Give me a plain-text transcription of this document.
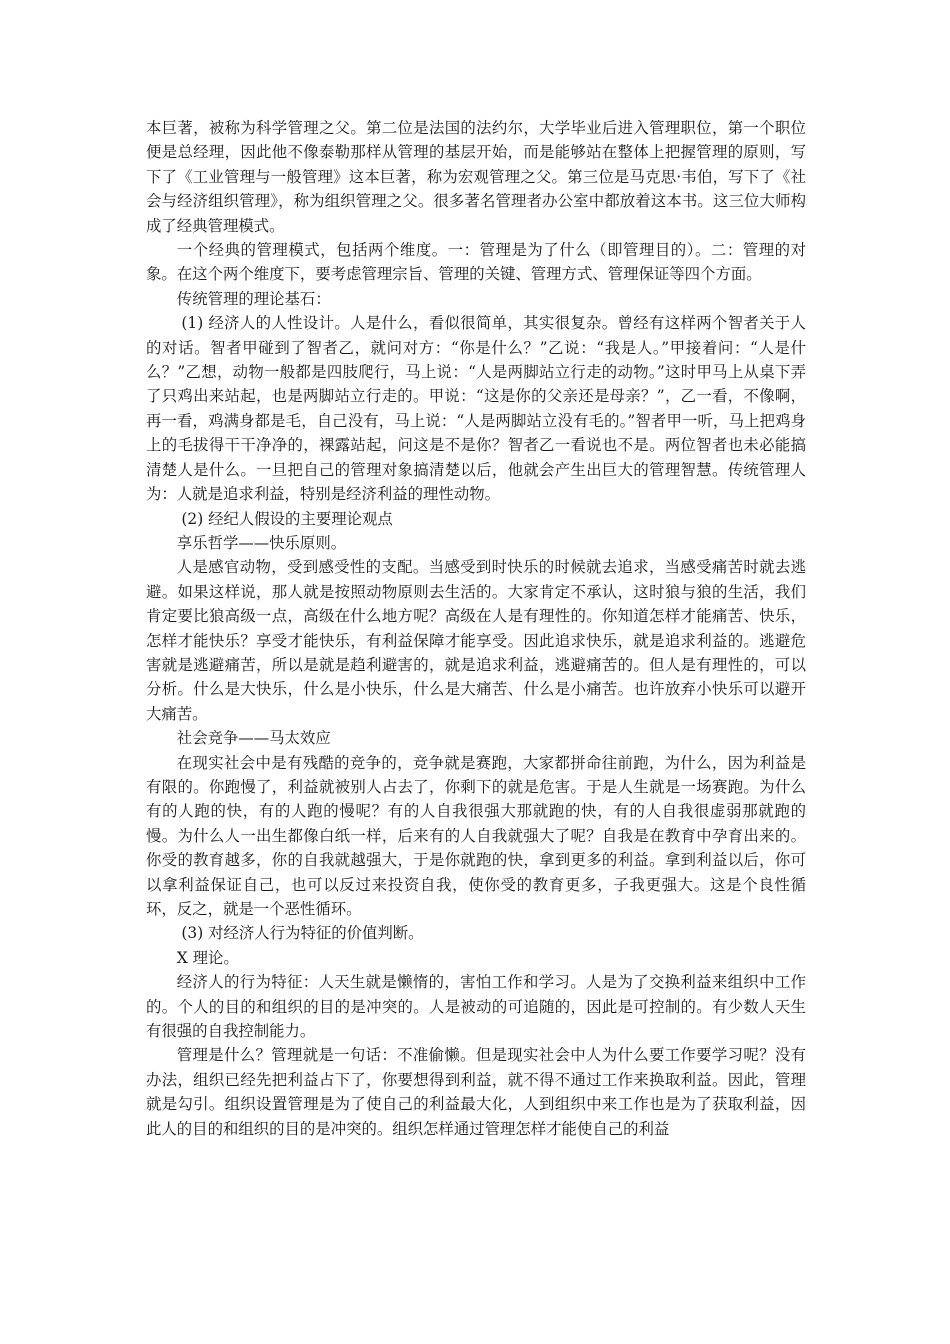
本巨著，被称为科学管理之父。第二位是法国的法约尔，大学毕业后进入管理职位，第一个职位便是总经理，因此他不像泰勒那样从管理的基层开始，而是能够站在整体上把握管理的原则，写下了《工业管理与一般管理》这本巨著，称为宏观管理之父。第三位是马克思·韦伯，写下了《社会与经济组织管理》，称为组织管理之父。很多著名管理者办公室中都放着这本书。这三位大师构成了经典管理模式。

一个经典的管理模式，包括两个维度。一：管理是为了什么（即管理目的）。二：管理的对象。在这个两个维度下，要考虑管理宗旨、管理的关键、管理方式、管理保证等四个方面。

传统管理的理论基石：

(1) 经济人的人性设计。人是什么，看似很简单，其实很复杂。曾经有这样两个智者关于人的对话。智者甲碰到了智者乙，就问对方：“你是什么？”乙说：“我是人。”甲接着问：“人是什么？”乙想，动物一般都是四肢爬行，马上说：“人是两脚站立行走的动物。”这时甲马上从桌下弄了只鸡出来站起，也是两脚站立行走的。甲说：“这是你的父亲还是母亲？”，乙一看，不像啊，再一看，鸡满身都是毛，自己没有，马上说：“人是两脚站立没有毛的。”智者甲一听，马上把鸡身上的毛拔得干干净净的，裸露站起，问这是不是你？智者乙一看说也不是。两位智者也未必能搞清楚人是什么。一旦把自己的管理对象搞清楚以后，他就会产生出巨大的管理智慧。传统管理人为：人就是追求利益，特别是经济利益的理性动物。

(2) 经纪人假设的主要理论观点

享乐哲学——快乐原则。

人是感官动物，受到感受性的支配。当感受到时快乐的时候就去追求，当感受痛苦时就去逃避。如果这样说，那人就是按照动物原则去生活的。大家肯定不承认，这时狼与狼的生活，我们肯定要比狼高级一点，高级在什么地方呢？高级在人是有理性的。你知道怎样才能痛苦、快乐，怎样才能快乐？享受才能快乐，有利益保障才能享受。因此追求快乐，就是追求利益的。逃避危害就是逃避痛苦，所以是就是趋利避害的，就是追求利益，逃避痛苦的。但人是有理性的，可以分析。什么是大快乐，什么是小快乐，什么是大痛苦、什么是小痛苦。也许放弃小快乐可以避开大痛苦。

社会竞争——马太效应

在现实社会中是有残酷的竞争的，竞争就是赛跑，大家都拼命往前跑，为什么，因为利益是有限的。你跑慢了，利益就被别人占去了，你剩下的就是危害。于是人生就是一场赛跑。为什么有的人跑的快，有的人跑的慢呢？有的人自我很强大那就跑的快，有的人自我很虚弱那就跑的慢。为什么人一出生都像白纸一样，后来有的人自我就强大了呢？自我是在教育中孕育出来的。你受的教育越多，你的自我就越强大，于是你就跑的快，拿到更多的利益。拿到利益以后，你可以拿利益保证自己，也可以反过来投资自我，使你受的教育更多，子我更强大。这是个良性循环，反之，就是一个恶性循环。

(3) 对经济人行为特征的价值判断。

X 理论。

经济人的行为特征：人天生就是懒惰的，害怕工作和学习。人是为了交换利益来组织中工作的。个人的目的和组织的目的是冲突的。人是被动的可追随的，因此是可控制的。有少数人天生有很强的自我控制能力。

管理是什么？管理就是一句话：不准偷懒。但是现实社会中人为什么要工作要学习呢？没有办法，组织已经先把利益占下了，你要想得到利益，就不得不通过工作来换取利益。因此，管理就是勾引。组织设置管理是为了使自己的利益最大化，人到组织中来工作也是为了获取利益，因此人的目的和组织的目的是冲突的。组织怎样通过管理怎样才能使自己的利益
